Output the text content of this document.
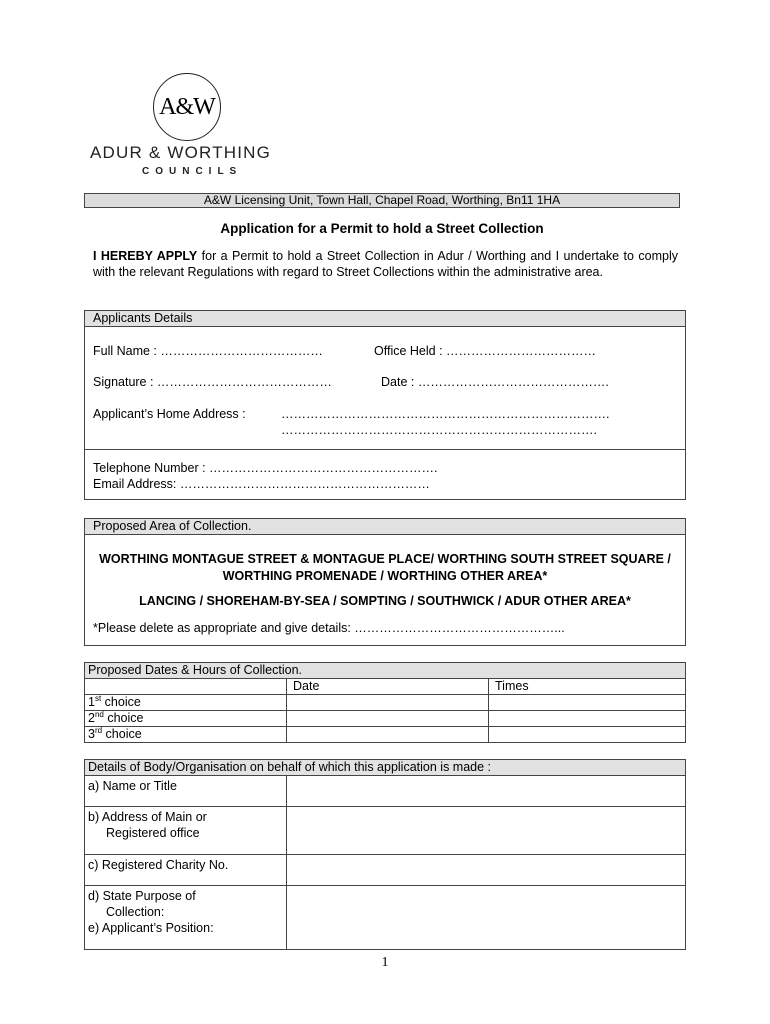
A&W
ADUR & WORTHING
COUNCILS
A&W Licensing Unit, Town Hall, Chapel Road, Worthing, Bn11 1HA
Application for a Permit to hold a Street Collection
I HEREBY APPLY for a Permit to hold a Street Collection in Adur / Worthing and I undertake to comply with the relevant Regulations with regard to Street Collections within the administrative area.
Applicants Details
Full Name : …………………………………	Office Held : ………………………………
Signature : ……………………………………	Date : ……………………………………….
Applicant’s Home Address :	…………………………………………………………………….
………………………………………………………………….
Telephone Number : ……………………………………………….
Email Address: ……………………………………………………
Proposed Area of Collection.
WORTHING MONTAGUE STREET & MONTAGUE PLACE/ WORTHING SOUTH STREET SQUARE / WORTHING PROMENADE / WORTHING OTHER AREA*
LANCING / SHOREHAM-BY-SEA / SOMPTING / SOUTHWICK / ADUR OTHER AREA*
*Please delete as appropriate and give details: …………………………………………...
Proposed Dates & Hours of Collection.		
	Date	Times
1st choice		
2nd choice		
3rd choice		
Details of Body/Organisation on behalf of which this application is made :	
a) Name or Title	

b) Address of Main or
Registered office	

c) Registered Charity No.	

d) State Purpose of
Collection:
e) Applicant’s Position:	

1
